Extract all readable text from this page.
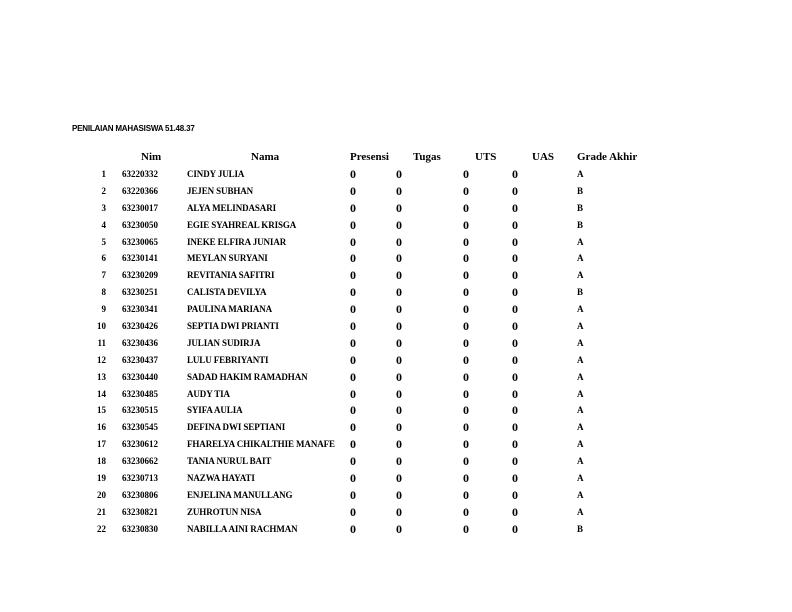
PENILAIAN MAHASISWA 51.48.37
Nim	Nama	Presensi Tugas	UTS	UAS Grade Akhir
1 63220332	CINDY JULIA	0	0	0	0	A
2 63220366	JEJEN SUBHAN	0	0	0	0	B
3 63230017	ALYA MELINDASARI	0	0	0	0	B
4 63230050	EGIE SYAHREAL KRISGA	0	0	0	0	B
5 63230065	INEKE ELFIRA JUNIAR	0	0	0	0	A
6 63230141	MEYLAN SURYANI	0	0	0	0	A
7 63230209	REVITANIA SAFITRI	0	0	0	0	A
8 63230251	CALISTA DEVILYA	0	0	0	0	B
9 63230341	PAULINA MARIANA	0	0	0	0	A
10 63230426	SEPTIA DWI PRIANTI	0	0	0	0	A
11 63230436	JULIAN SUDIRJA	0	0	0	0	A
12 63230437	LULU FEBRIYANTI	0	0	0	0	A
13 63230440	SADAD HAKIM RAMADHAN	0	0	0	0	A
14 63230485	AUDY TIA	0	0	0	0	A
15 63230515	SYIFA AULIA	0	0	0	0	A
16 63230545	DEFINA DWI SEPTIANI	0	0	0	0	A
17 63230612	FHARELYA CHIKALTHIE MANAFE 0	0	0	0	A
18 63230662	TANIA NURUL BAIT	0	0	0	0	A
19 63230713	NAZWA HAYATI	0	0	0	0	A
20 63230806	ENJELINA MANULLANG	0	0	0	0	A
21 63230821	ZUHROTUN NISA	0	0	0	0	A
22 63230830	NABILLA AINI RACHMAN	0	0	0	0	B
